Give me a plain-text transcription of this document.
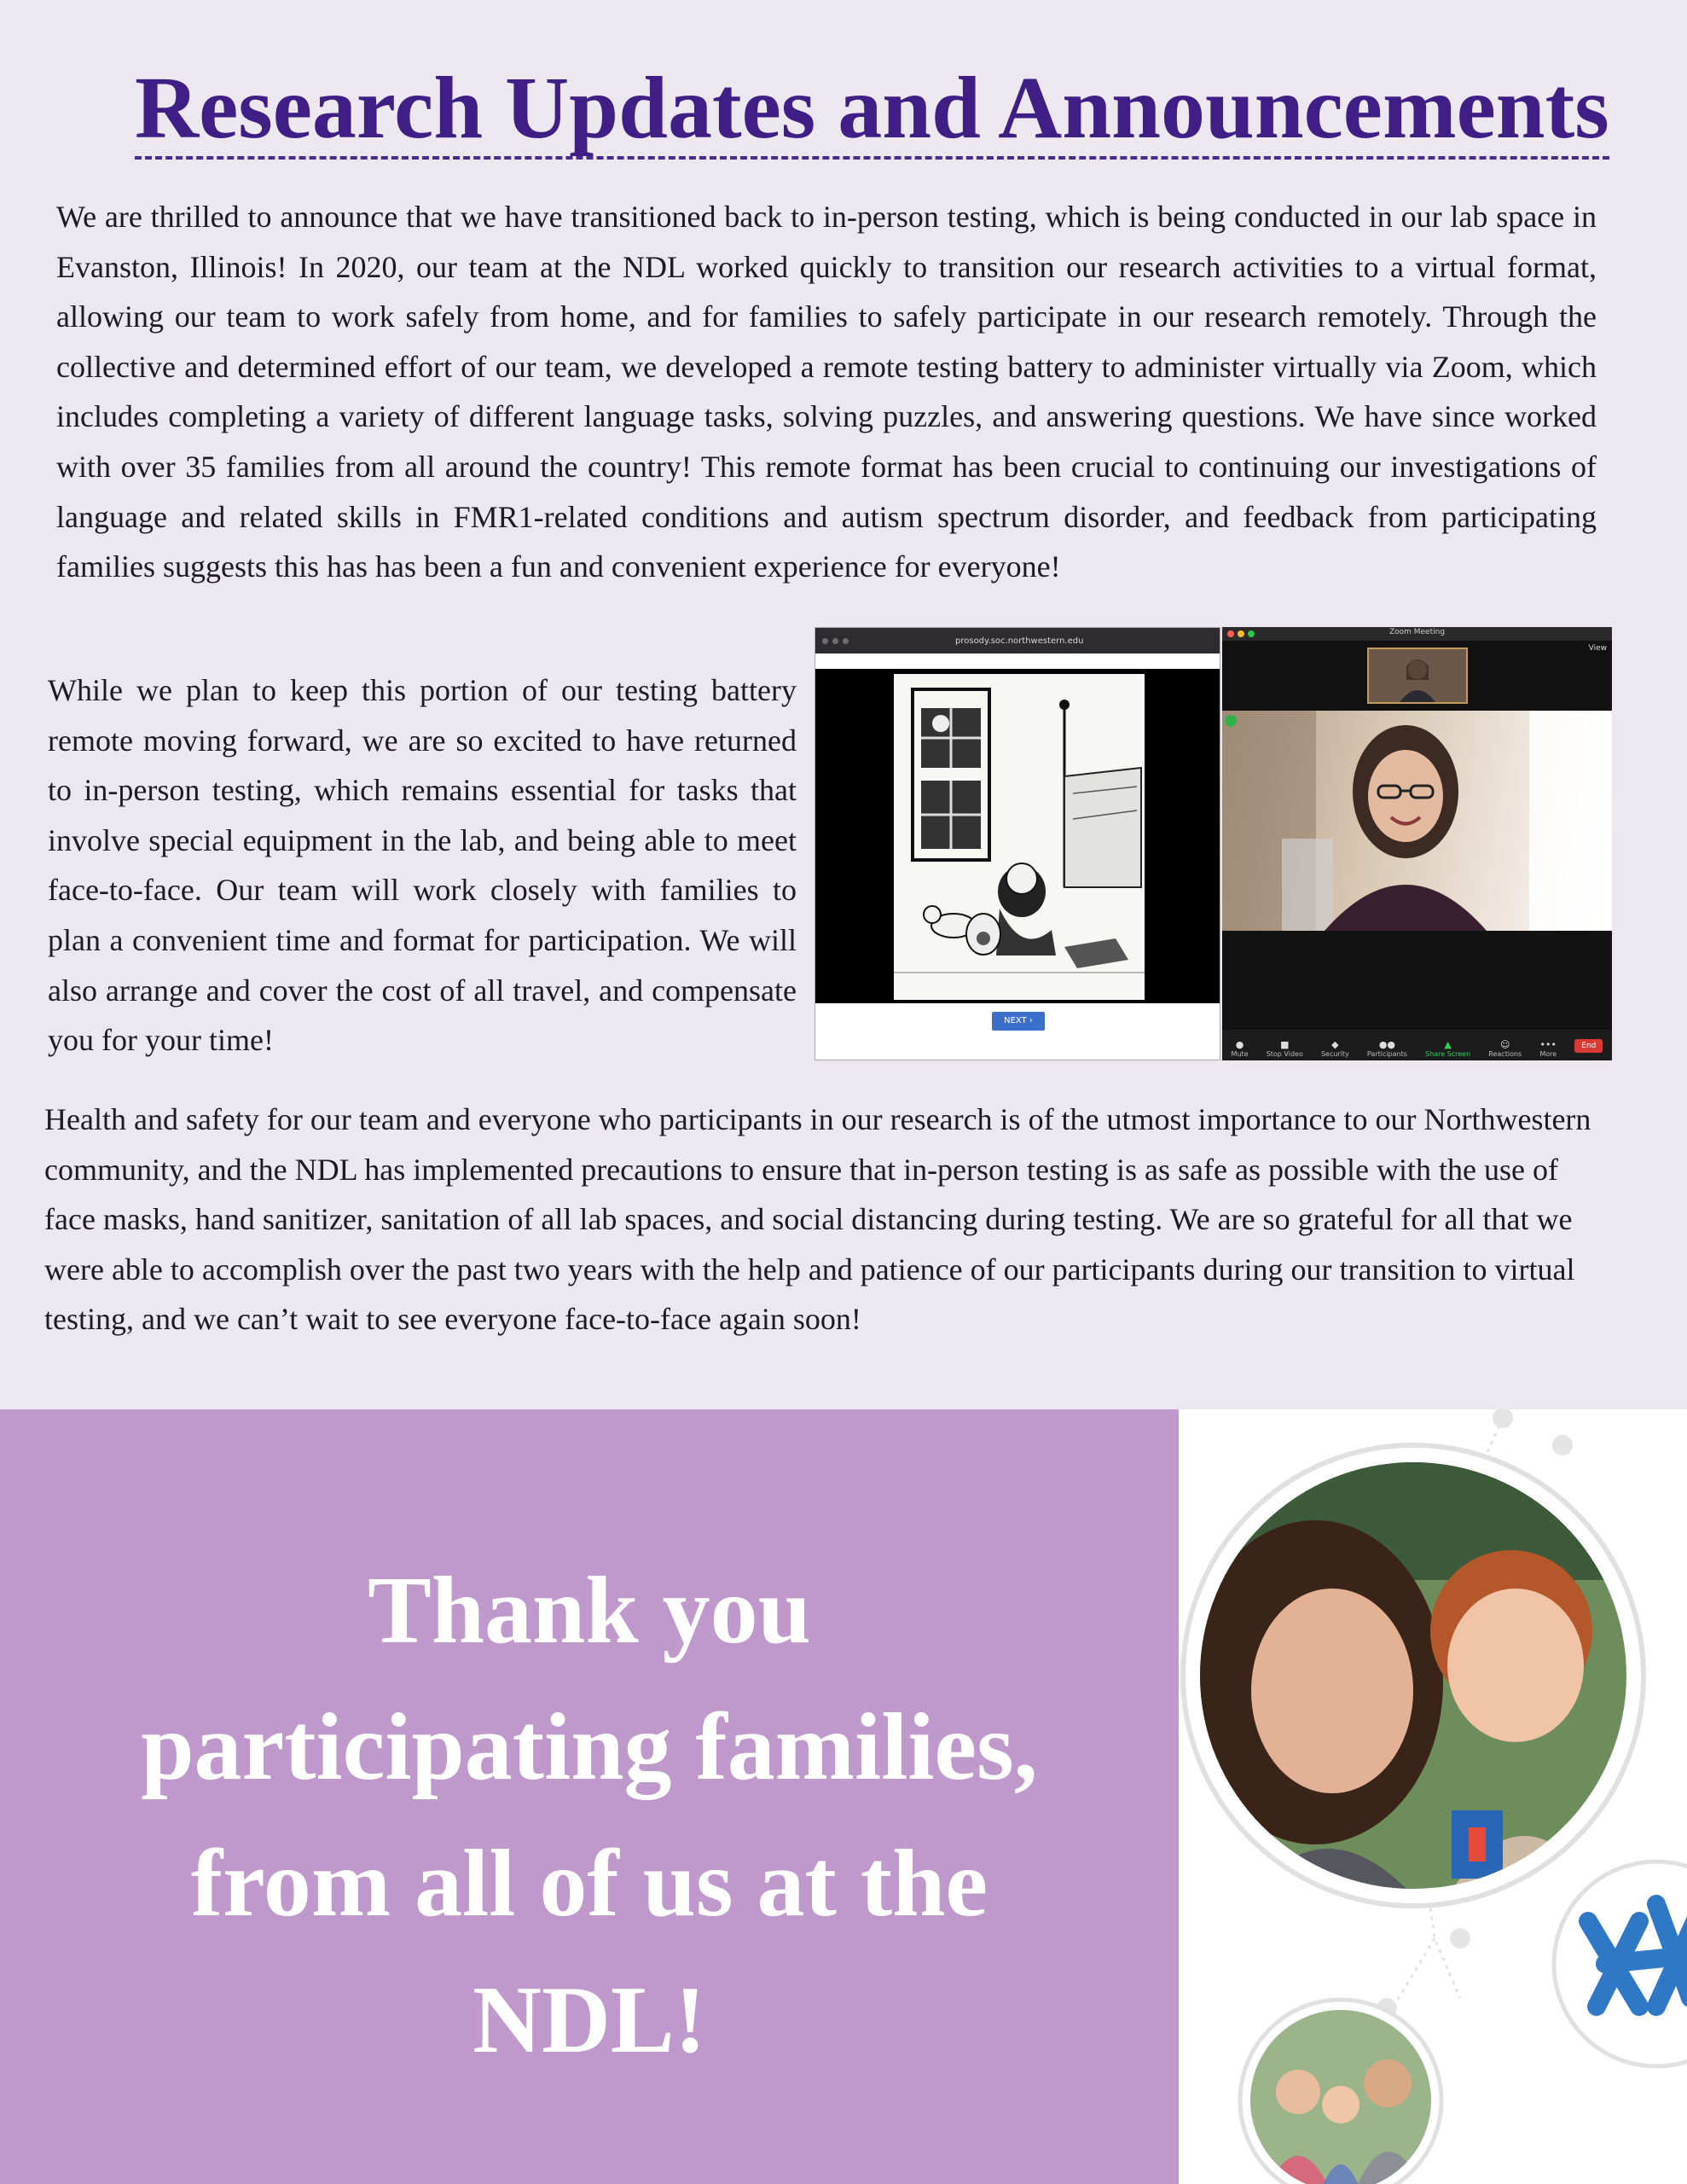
Research Updates and Announcements

We are thrilled to announce that we have transitioned back to in-person testing, which is being conducted in our lab space in Evanston, Illinois! In 2020, our team at the NDL worked quickly to transition our research activities to a virtual format, allowing our team to work safely from home, and for families to safely participate in our research remotely. Through the collective and determined effort of our team, we developed a remote testing battery to administer virtually via Zoom, which includes completing a variety of different language tasks, solving puzzles, and answering questions. We have since worked with over 35 families from all around the country! This remote format has been crucial to continuing our investigations of language and related skills in FMR1-related conditions and autism spectrum disorder, and feedback from participating families suggests this has has been a fun and convenient experience for everyone!

While we plan to keep this portion of our testing battery remote moving forward, we are so excited to have returned to in-person testing, which remains essential for tasks that involve special equipment in the lab, and being able to meet face-to-face. Our team will work closely with families to plan a convenient time and format for participation. We will also arrange and cover the cost of all travel, and compensate you for your time!

Health and safety for our team and everyone who participants in our research is of the utmost importance to our Northwestern community, and the NDL has implemented precautions to ensure that in-person testing is as safe as possible with the use of face masks, hand sanitizer, sanitation of all lab spaces, and social distancing during testing. We are so grateful for all that we were able to accomplish over the past two years with the help and patience of our participants during our transition to virtual testing, and we can’t wait to see everyone face-to-face again soon!

prosody.soc.northwestern.edu
NEXT ›
Zoom Meeting
View
●
Mute
■
Stop Video
◆
Security
●●
Participants
▲
Share Screen
☺
Reactions
•••
More
End

Thank you
participating families,
from all of us at the
NDL!
